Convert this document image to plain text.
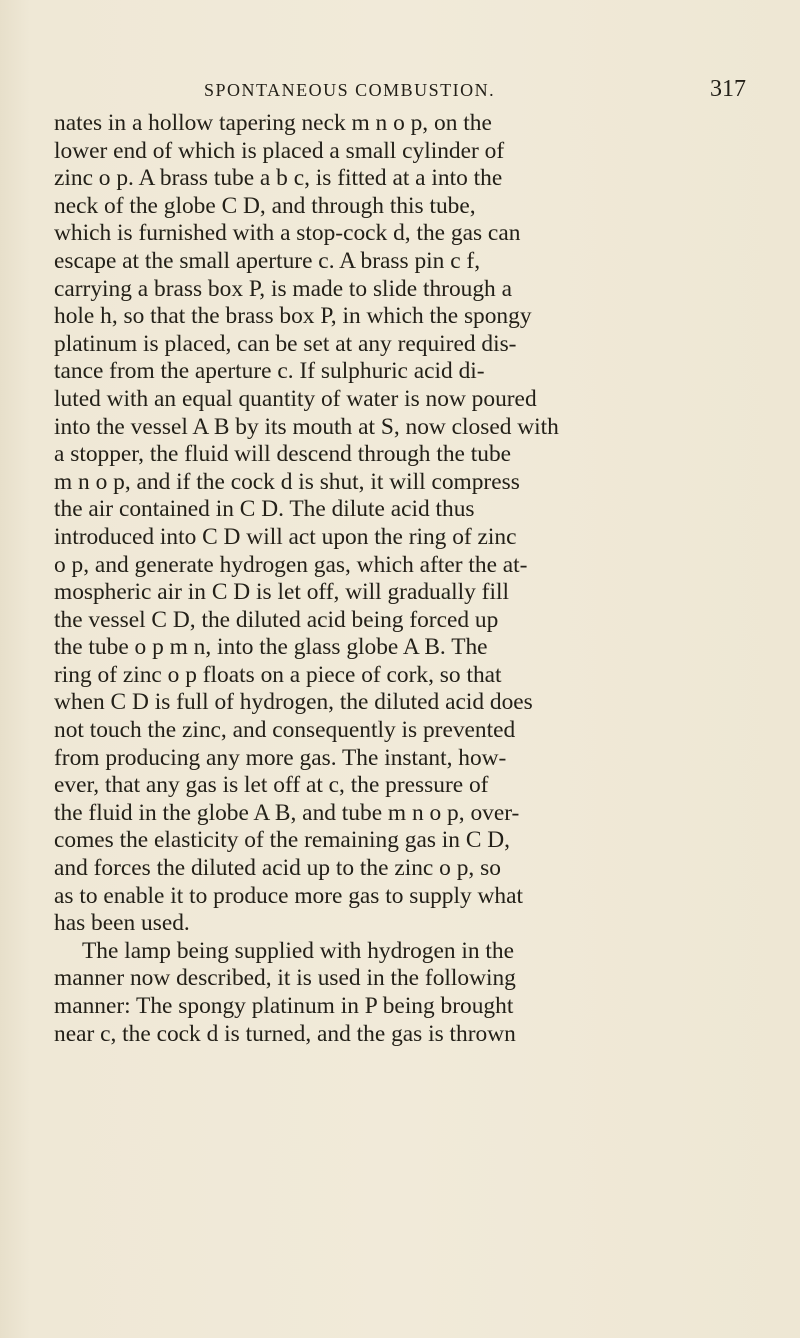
SPONTANEOUS COMBUSTION.	317
nates in a hollow tapering neck m n o p, on the
lower end of which is placed a small cylinder of
zinc o p. A brass tube a b c, is fitted at a into the
neck of the globe C D, and through this tube,
which is furnished with a stop-cock d, the gas can
escape at the small aperture c. A brass pin c f,
carrying a brass box P, is made to slide through a
hole h, so that the brass box P, in which the spongy
platinum is placed, can be set at any required dis-
tance from the aperture c. If sulphuric acid di-
luted with an equal quantity of water is now poured
into the vessel A B by its mouth at S, now closed with
a stopper, the fluid will descend through the tube
m n o p, and if the cock d is shut, it will compress
the air contained in C D. The dilute acid thus
introduced into C D will act upon the ring of zinc
o p, and generate hydrogen gas, which after the at-
mospheric air in C D is let off, will gradually fill
the vessel C D, the diluted acid being forced up
the tube o p m n, into the glass globe A B. The
ring of zinc o p floats on a piece of cork, so that
when C D is full of hydrogen, the diluted acid does
not touch the zinc, and consequently is prevented
from producing any more gas. The instant, how-
ever, that any gas is let off at c, the pressure of
the fluid in the globe A B, and tube m n o p, over-
comes the elasticity of the remaining gas in C D,
and forces the diluted acid up to the zinc o p, so
as to enable it to produce more gas to supply what
has been used.
The lamp being supplied with hydrogen in the
manner now described, it is used in the following
manner: The spongy platinum in P being brought
near c, the cock d is turned, and the gas is thrown
